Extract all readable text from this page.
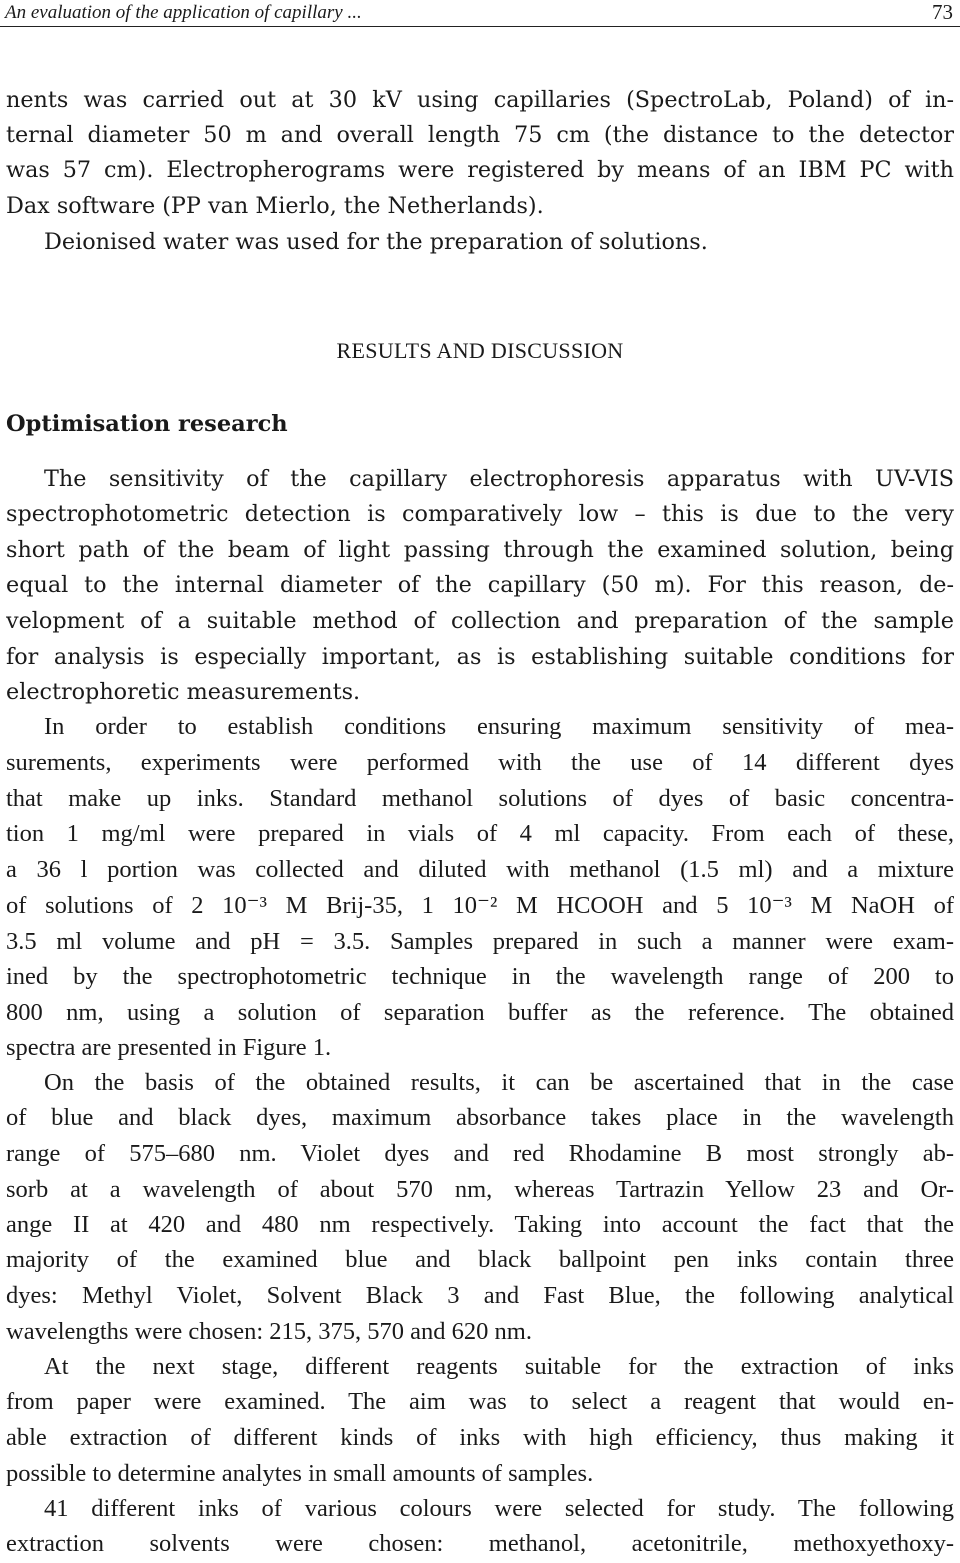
An evaluation of the application of capillary ...	73
nents was carried out at 30 kV using capillaries (SpectroLab, Poland) of in-
ternal diameter 50 m and overall length 75 cm (the distance to the detector
was 57 cm). Electropherograms were registered by means of an IBM PC with
Dax software (PP van Mierlo, the Netherlands).
Deionised water was used for the preparation of solutions.
RESULTS AND DISCUSSION
Optimisation research
The sensitivity of the capillary electrophoresis apparatus with UV-VIS
spectrophotometric detection is comparatively low – this is due to the very
short path of the beam of light passing through the examined solution, being
equal to the internal diameter of the capillary (50 m). For this reason, de-
velopment of a suitable method of collection and preparation of the sample
for analysis is especially important, as is establishing suitable conditions for
electrophoretic measurements.
In order to establish conditions ensuring maximum sensitivity of mea-
surements, experiments were performed with the use of 14 different dyes
that make up inks. Standard methanol solutions of dyes of basic concentra-
tion 1 mg/ml were prepared in vials of 4 ml capacity. From each of these,
a 36 l portion was collected and diluted with methanol (1.5 ml) and a mixture
of solutions of 2 10⁻³ M Brij-35, 1 10⁻² M HCOOH and 5 10⁻³ M NaOH of
3.5 ml volume and pH = 3.5. Samples prepared in such a manner were exam-
ined by the spectrophotometric technique in the wavelength range of 200 to
800 nm, using a solution of separation buffer as the reference. The obtained
spectra are presented in Figure 1.
On the basis of the obtained results, it can be ascertained that in the case
of blue and black dyes, maximum absorbance takes place in the wavelength
range of 575–680 nm. Violet dyes and red Rhodamine B most strongly ab-
sorb at a wavelength of about 570 nm, whereas Tartrazin Yellow 23 and Or-
ange II at 420 and 480 nm respectively. Taking into account the fact that the
majority of the examined blue and black ballpoint pen inks contain three
dyes: Methyl Violet, Solvent Black 3 and Fast Blue, the following analytical
wavelengths were chosen: 215, 375, 570 and 620 nm.
At the next stage, different reagents suitable for the extraction of inks
from paper were examined. The aim was to select a reagent that would en-
able extraction of different kinds of inks with high efficiency, thus making it
possible to determine analytes in small amounts of samples.
41 different inks of various colours were selected for study. The following
extraction solvents were chosen: methanol, acetonitrile, methoxyethoxy-
